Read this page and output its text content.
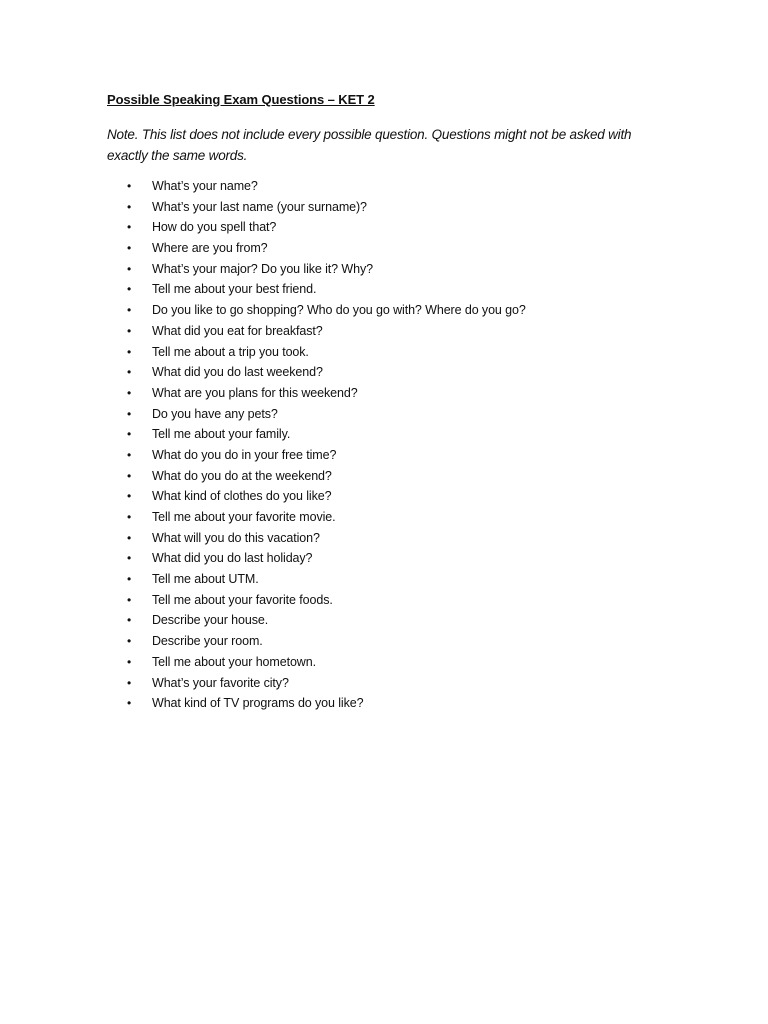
Possible Speaking Exam Questions – KET 2
Note. This list does not include every possible question. Questions might not be asked with exactly the same words.
• What’s your name?
• What’s your last name (your surname)?
• How do you spell that?
• Where are you from?
• What’s your major? Do you like it? Why?
• Tell me about your best friend.
• Do you like to go shopping? Who do you go with? Where do you go?
• What did you eat for breakfast?
• Tell me about a trip you took.
• What did you do last weekend?
• What are you plans for this weekend?
• Do you have any pets?
• Tell me about your family.
• What do you do in your free time?
• What do you do at the weekend?
• What kind of clothes do you like?
• Tell me about your favorite movie.
• What will you do this vacation?
• What did you do last holiday?
• Tell me about UTM.
• Tell me about your favorite foods.
• Describe your house.
• Describe your room.
• Tell me about your hometown.
• What’s your favorite city?
• What kind of TV programs do you like?
